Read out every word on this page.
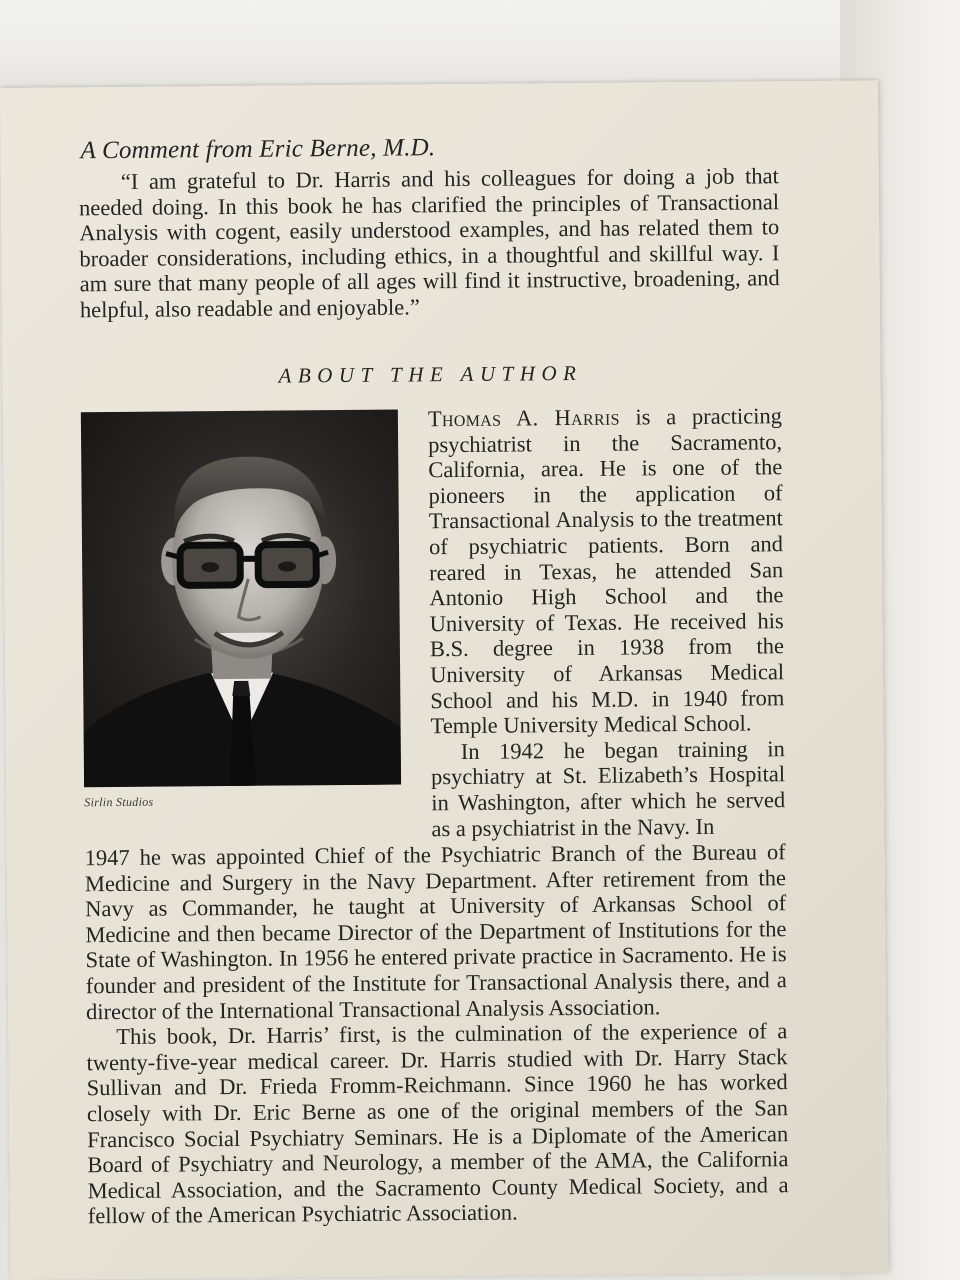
A Comment from Eric Berne, M.D.

“I am grateful to Dr. Harris and his colleagues for doing a job that needed doing. In this book he has clarified the principles of Transactional Analysis with cogent, easily understood examples, and has related them to broader considerations, including ethics, in a thoughtful and skillful way. I am sure that many people of all ages will find it instructive, broadening, and helpful, also readable and enjoyable.”

ABOUT THE AUTHOR
Sirlin Studios

Thomas A. Harris is a practicing psychiatrist in the Sacramento, California, area. He is one of the pioneers in the application of Transactional Analysis to the treatment of psychiatric patients. Born and reared in Texas, he attended San Antonio High School and the University of Texas. He received his B.S. degree in 1938 from the University of Arkansas Medical School and his M.D. in 1940 from Temple University Medical School.

In 1942 he began training in psychiatry at St. Elizabeth’s Hospital in Washington, after which he served as a psychiatrist in the Navy. In

1947 he was appointed Chief of the Psychiatric Branch of the Bureau of Medicine and Surgery in the Navy Department. After retirement from the Navy as Commander, he taught at University of Arkansas School of Medicine and then became Director of the Department of Institutions for the State of Washington. In 1956 he entered private practice in Sacramento. He is founder and president of the Institute for Transactional Analysis there, and a director of the International Transactional Analysis Association.

This book, Dr. Harris’ first, is the culmination of the experience of a twenty-five-year medical career. Dr. Harris studied with Dr. Harry Stack Sullivan and Dr. Frieda Fromm-Reichmann. Since 1960 he has worked closely with Dr. Eric Berne as one of the original members of the San Francisco Social Psychiatry Seminars. He is a Diplomate of the American Board of Psychiatry and Neurology, a member of the AMA, the California Medical Association, and the Sacramento County Medical Society, and a fellow of the American Psychiatric Association.
